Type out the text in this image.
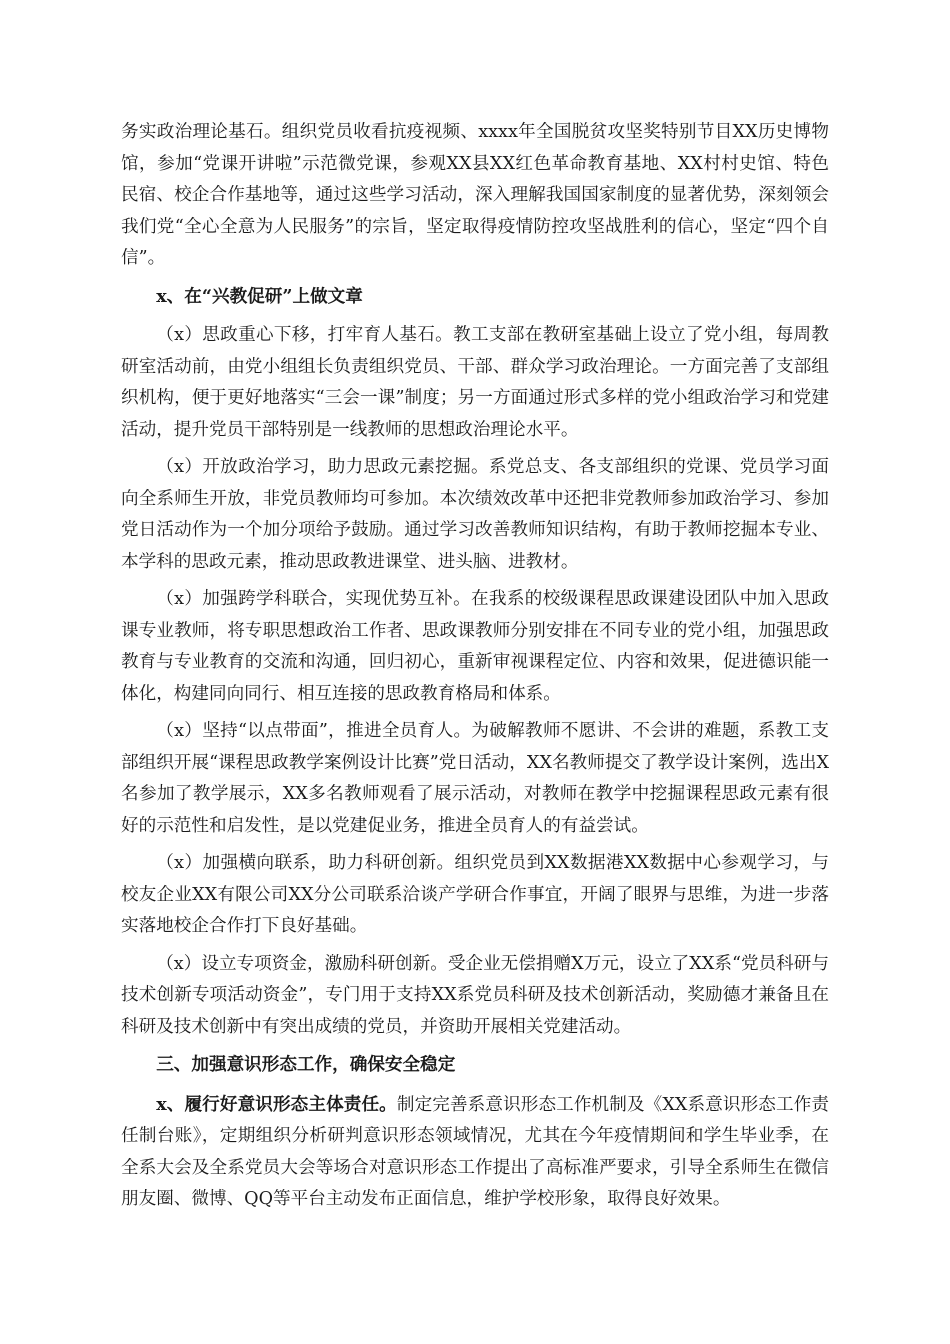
务实政治理论基石。组织党员收看抗疫视频、xxxx年全国脱贫攻坚奖特别节目XX历史博物馆，参加“党课开讲啦”示范微党课，参观XX县XX红色革命教育基地、XX村村史馆、特色民宿、校企合作基地等，通过这些学习活动，深入理解我国国家制度的显著优势，深刻领会我们党“全心全意为人民服务”的宗旨，坚定取得疫情防控攻坚战胜利的信心，坚定“四个自信”。

x、在“兴教促研”上做文章

（x）思政重心下移，打牢育人基石。教工支部在教研室基础上设立了党小组，每周教研室活动前，由党小组组长负责组织党员、干部、群众学习政治理论。一方面完善了支部组织机构，便于更好地落实“三会一课”制度；另一方面通过形式多样的党小组政治学习和党建活动，提升党员干部特别是一线教师的思想政治理论水平。

（x）开放政治学习，助力思政元素挖掘。系党总支、各支部组织的党课、党员学习面向全系师生开放，非党员教师均可参加。本次绩效改革中还把非党教师参加政治学习、参加党日活动作为一个加分项给予鼓励。通过学习改善教师知识结构，有助于教师挖掘本专业、本学科的思政元素，推动思政教进课堂、进头脑、进教材。

（x）加强跨学科联合，实现优势互补。在我系的校级课程思政课建设团队中加入思政课专业教师，将专职思想政治工作者、思政课教师分别安排在不同专业的党小组，加强思政教育与专业教育的交流和沟通，回归初心，重新审视课程定位、内容和效果，促进德识能一体化，构建同向同行、相互连接的思政教育格局和体系。

（x）坚持“以点带面”，推进全员育人。为破解教师不愿讲、不会讲的难题，系教工支部组织开展“课程思政教学案例设计比赛”党日活动，XX名教师提交了教学设计案例，选出X名参加了教学展示，XX多名教师观看了展示活动，对教师在教学中挖掘课程思政元素有很好的示范性和启发性，是以党建促业务，推进全员育人的有益尝试。

（x）加强横向联系，助力科研创新。组织党员到XX数据港XX数据中心参观学习，与校友企业XX有限公司XX分公司联系洽谈产学研合作事宜，开阔了眼界与思维，为进一步落实落地校企合作打下良好基础。

（x）设立专项资金，激励科研创新。受企业无偿捐赠X万元，设立了XX系“党员科研与技术创新专项活动资金”，专门用于支持XX系党员科研及技术创新活动，奖励德才兼备且在科研及技术创新中有突出成绩的党员，并资助开展相关党建活动。

三、加强意识形态工作，确保安全稳定

x、履行好意识形态主体责任。制定完善系意识形态工作机制及《XX系意识形态工作责任制台账》，定期组织分析研判意识形态领域情况，尤其在今年疫情期间和学生毕业季，在全系大会及全系党员大会等场合对意识形态工作提出了高标准严要求，引导全系师生在微信朋友圈、微博、QQ等平台主动发布正面信息，维护学校形象，取得良好效果。
